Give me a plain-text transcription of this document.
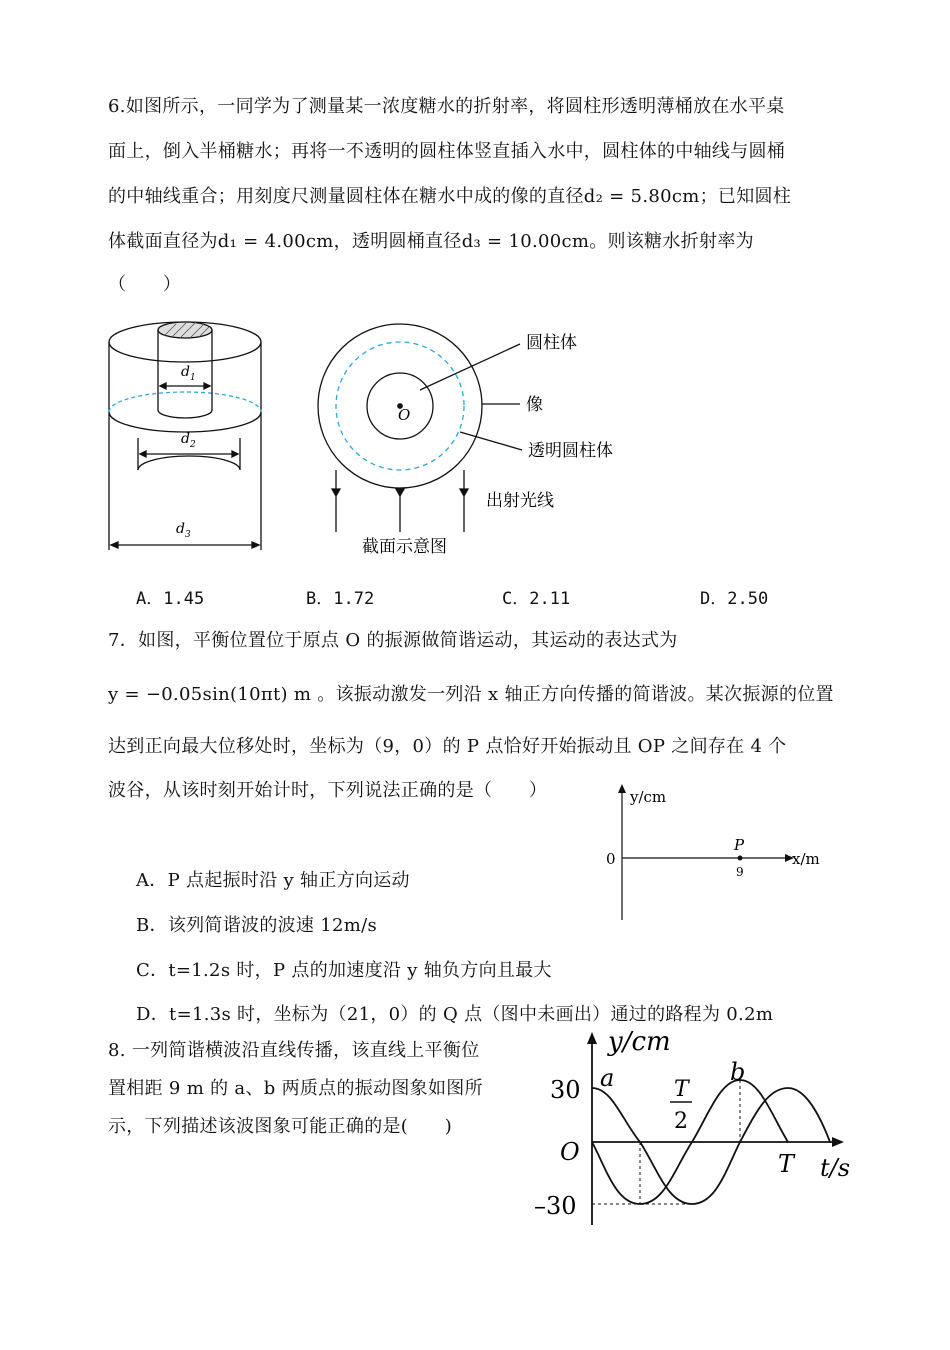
6.如图所示，一同学为了测量某一浓度糖水的折射率，将圆柱形透明薄桶放在水平桌
面上，倒入半桶糖水；再将一不透明的圆柱体竖直插入水中，圆柱体的中轴线与圆桶
的中轴线重合；用刻度尺测量圆柱体在糖水中成的像的直径d₂ = 5.80cm；已知圆柱
体截面直径为d₁ = 4.00cm，透明圆桶直径d₃ = 10.00cm。则该糖水折射率为
（　　）
$d_1$
$d_2$
$d_3$
O
圆柱体
像
透明圆柱体
出射光线
截面示意图
A．1.45	B．1.72	C．2.11	D．2.50
7．如图，平衡位置位于原点 O 的振源做简谐运动，其运动的表达式为
y = −0.05sin(10πt) m 。该振动激发一列沿 x 轴正方向传播的简谐波。某次振源的位置
达到正向最大位移处时，坐标为（9，0）的 P 点恰好开始振动且 OP 之间存在 4 个
波谷，从该时刻开始计时，下列说法正确的是（　　）	y/cm
x/m
0
P
9
A．P 点起振时沿 y 轴正方向运动
B．该列简谐波的波速 12m/s
C．t=1.2s 时，P 点的加速度沿 y 轴负方向且最大
D．t=1.3s 时，坐标为（21，0）的 Q 点（图中未画出）通过的路程为 0.2m
8. 一列简谐横波沿直线传播，该直线上平衡位
置相距 9 m 的 a、b 两质点的振动图象如图所
示，下列描述该波图象可能正确的是(　　)
y/cm
30
–30
O
a	b
T
2
T t/s
